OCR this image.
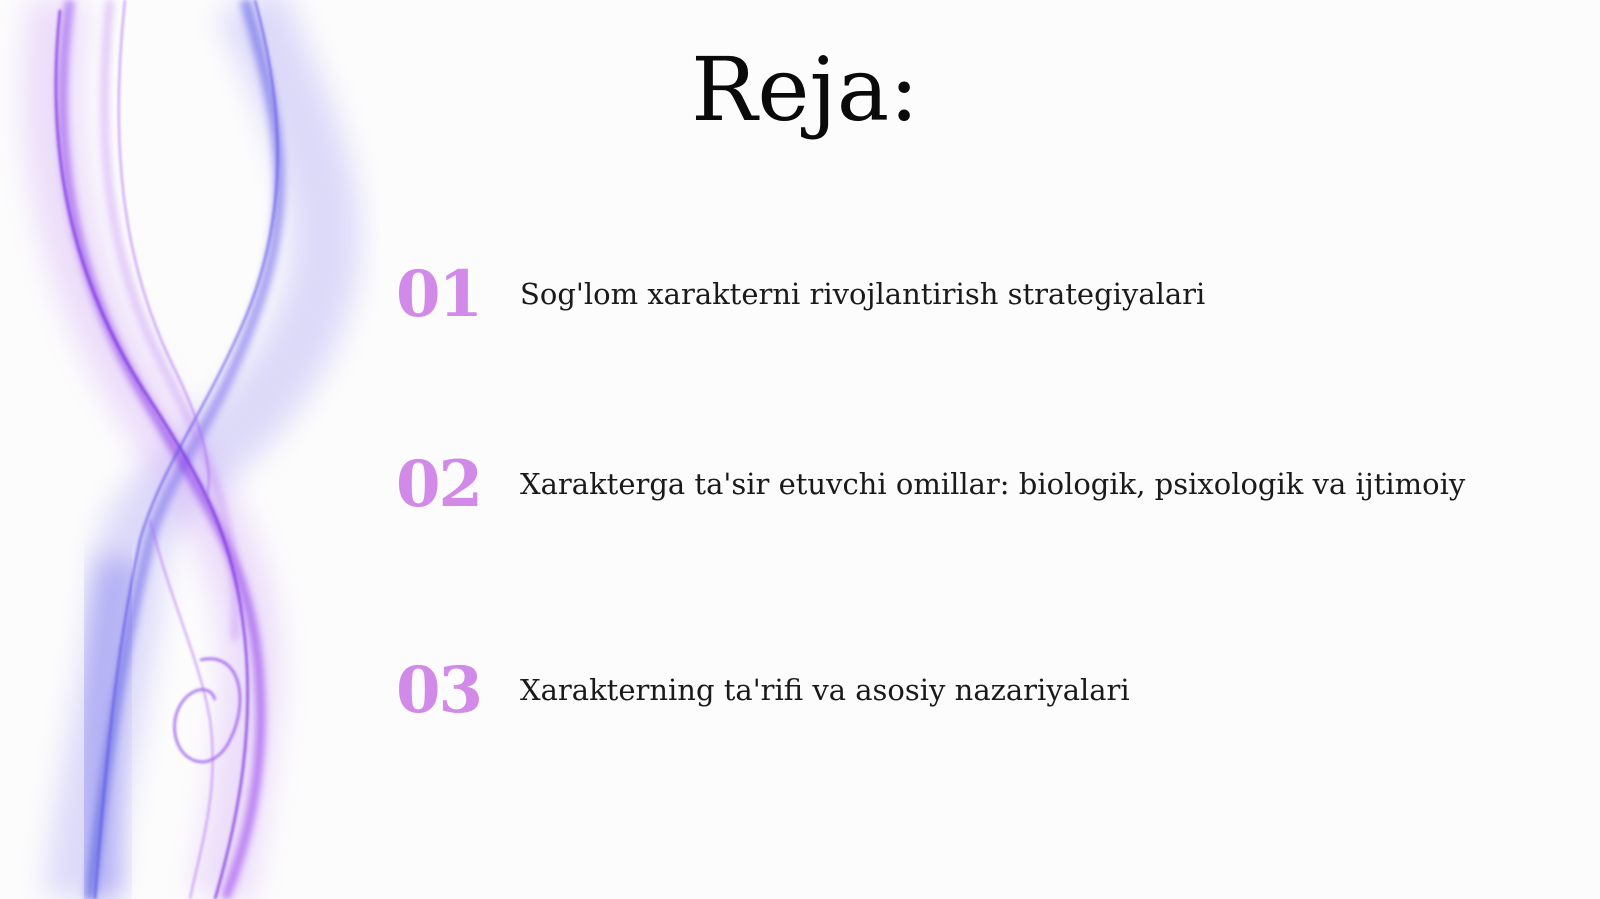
Reja:
01	Sog'lom xarakterni rivojlantirish strategiyalari
02	Xarakterga ta'sir etuvchi omillar: biologik, psixologik va ijtimoiy
03	Xarakterning ta'rifi va asosiy nazariyalari
